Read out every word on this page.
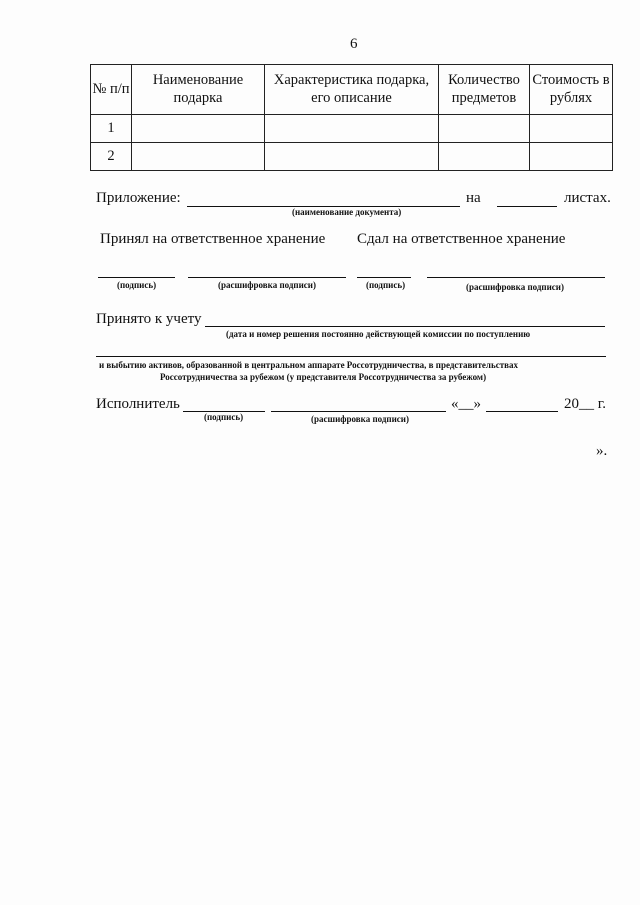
6
№ п/п	Наименование подарка	Характеристика подарка, его описание	Количество предметов	Стоимость в рублях
1				
2				
Приложение:
(наименование документа)
на	листах.
Принял на ответственное хранение Сдал на ответственное хранение
(подпись)	(расшифровка подписи)	(подпись)	(расшифровка подписи)
Принято к учету
(дата и номер решения постоянно действующей комиссии по поступлению
и выбытию активов, образованной в центральном аппарате Россотрудничества, в представительствах
Россотрудничества за рубежом (у представителя Россотрудничества за рубежом)
Исполнитель	«__»	20__ г.
(подпись)	(расшифровка подписи)
».
